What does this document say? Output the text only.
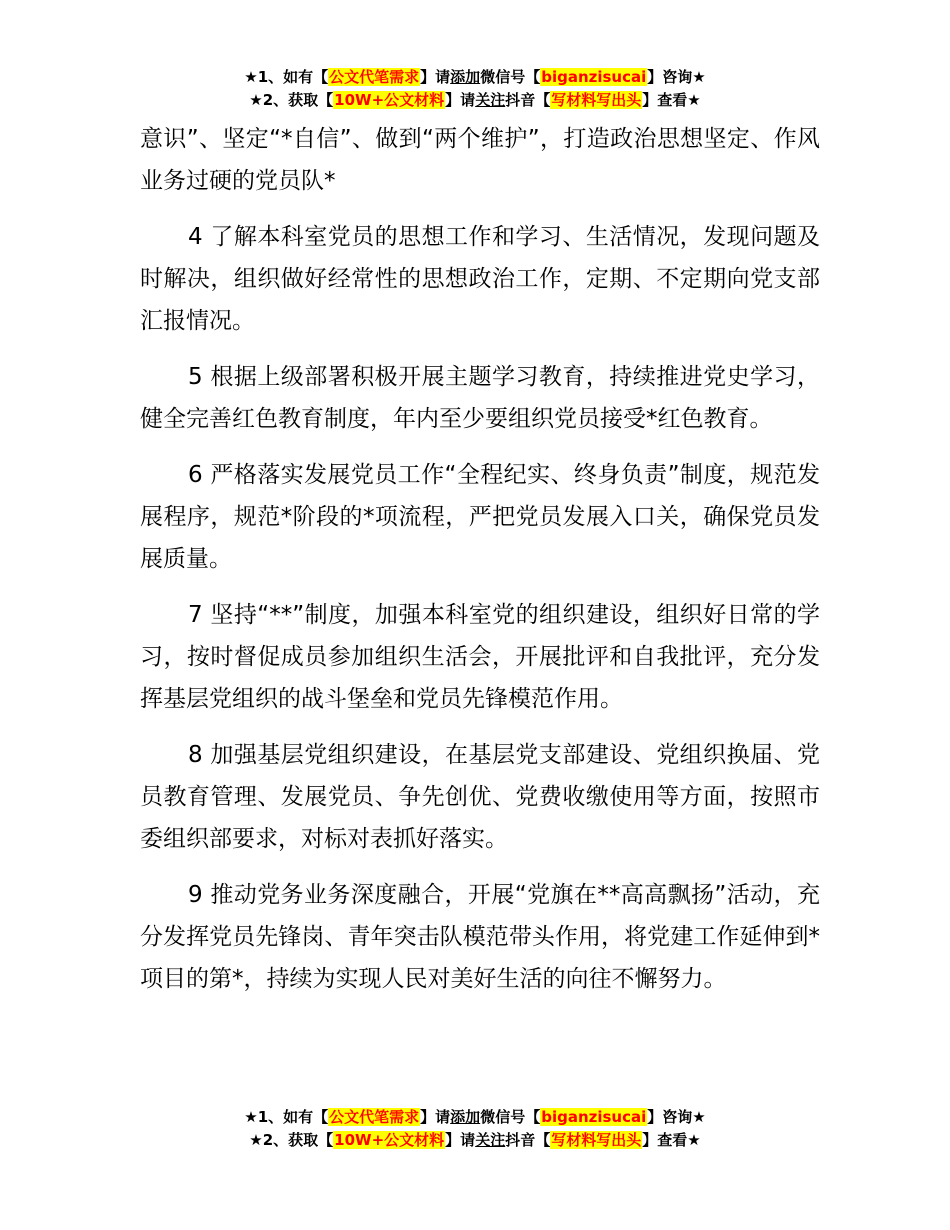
★1、如有【公文代笔需求】请添加微信号【biganzisucai】咨询★
★2、获取【10W+公文材料】请关注抖音【写材料写出头】查看★

意识”、坚定“*自信”、做到“两个维护”，打造政治思想坚定、作风业务过硬的党员队*

4 了解本科室党员的思想工作和学习、生活情况，发现问题及时解决，组织做好经常性的思想政治工作，定期、不定期向党支部汇报情况。

5 根据上级部署积极开展主题学习教育，持续推进党史学习，健全完善红色教育制度，年内至少要组织党员接受*红色教育。

6 严格落实发展党员工作“全程纪实、终身负责”制度，规范发展程序，规范*阶段的*项流程，严把党员发展入口关，确保党员发展质量。

7 坚持“**”制度，加强本科室党的组织建设，组织好日常的学习，按时督促成员参加组织生活会，开展批评和自我批评，充分发挥基层党组织的战斗堡垒和党员先锋模范作用。

8 加强基层党组织建设，在基层党支部建设、党组织换届、党员教育管理、发展党员、争先创优、党费收缴使用等方面，按照市委组织部要求，对标对表抓好落实。

9 推动党务业务深度融合，开展“党旗在**高高飘扬”活动，充分发挥党员先锋岗、青年突击队模范带头作用，将党建工作延伸到*项目的第*，持续为实现人民对美好生活的向往不懈努力。

★1、如有【公文代笔需求】请添加微信号【biganzisucai】咨询★
★2、获取【10W+公文材料】请关注抖音【写材料写出头】查看★
